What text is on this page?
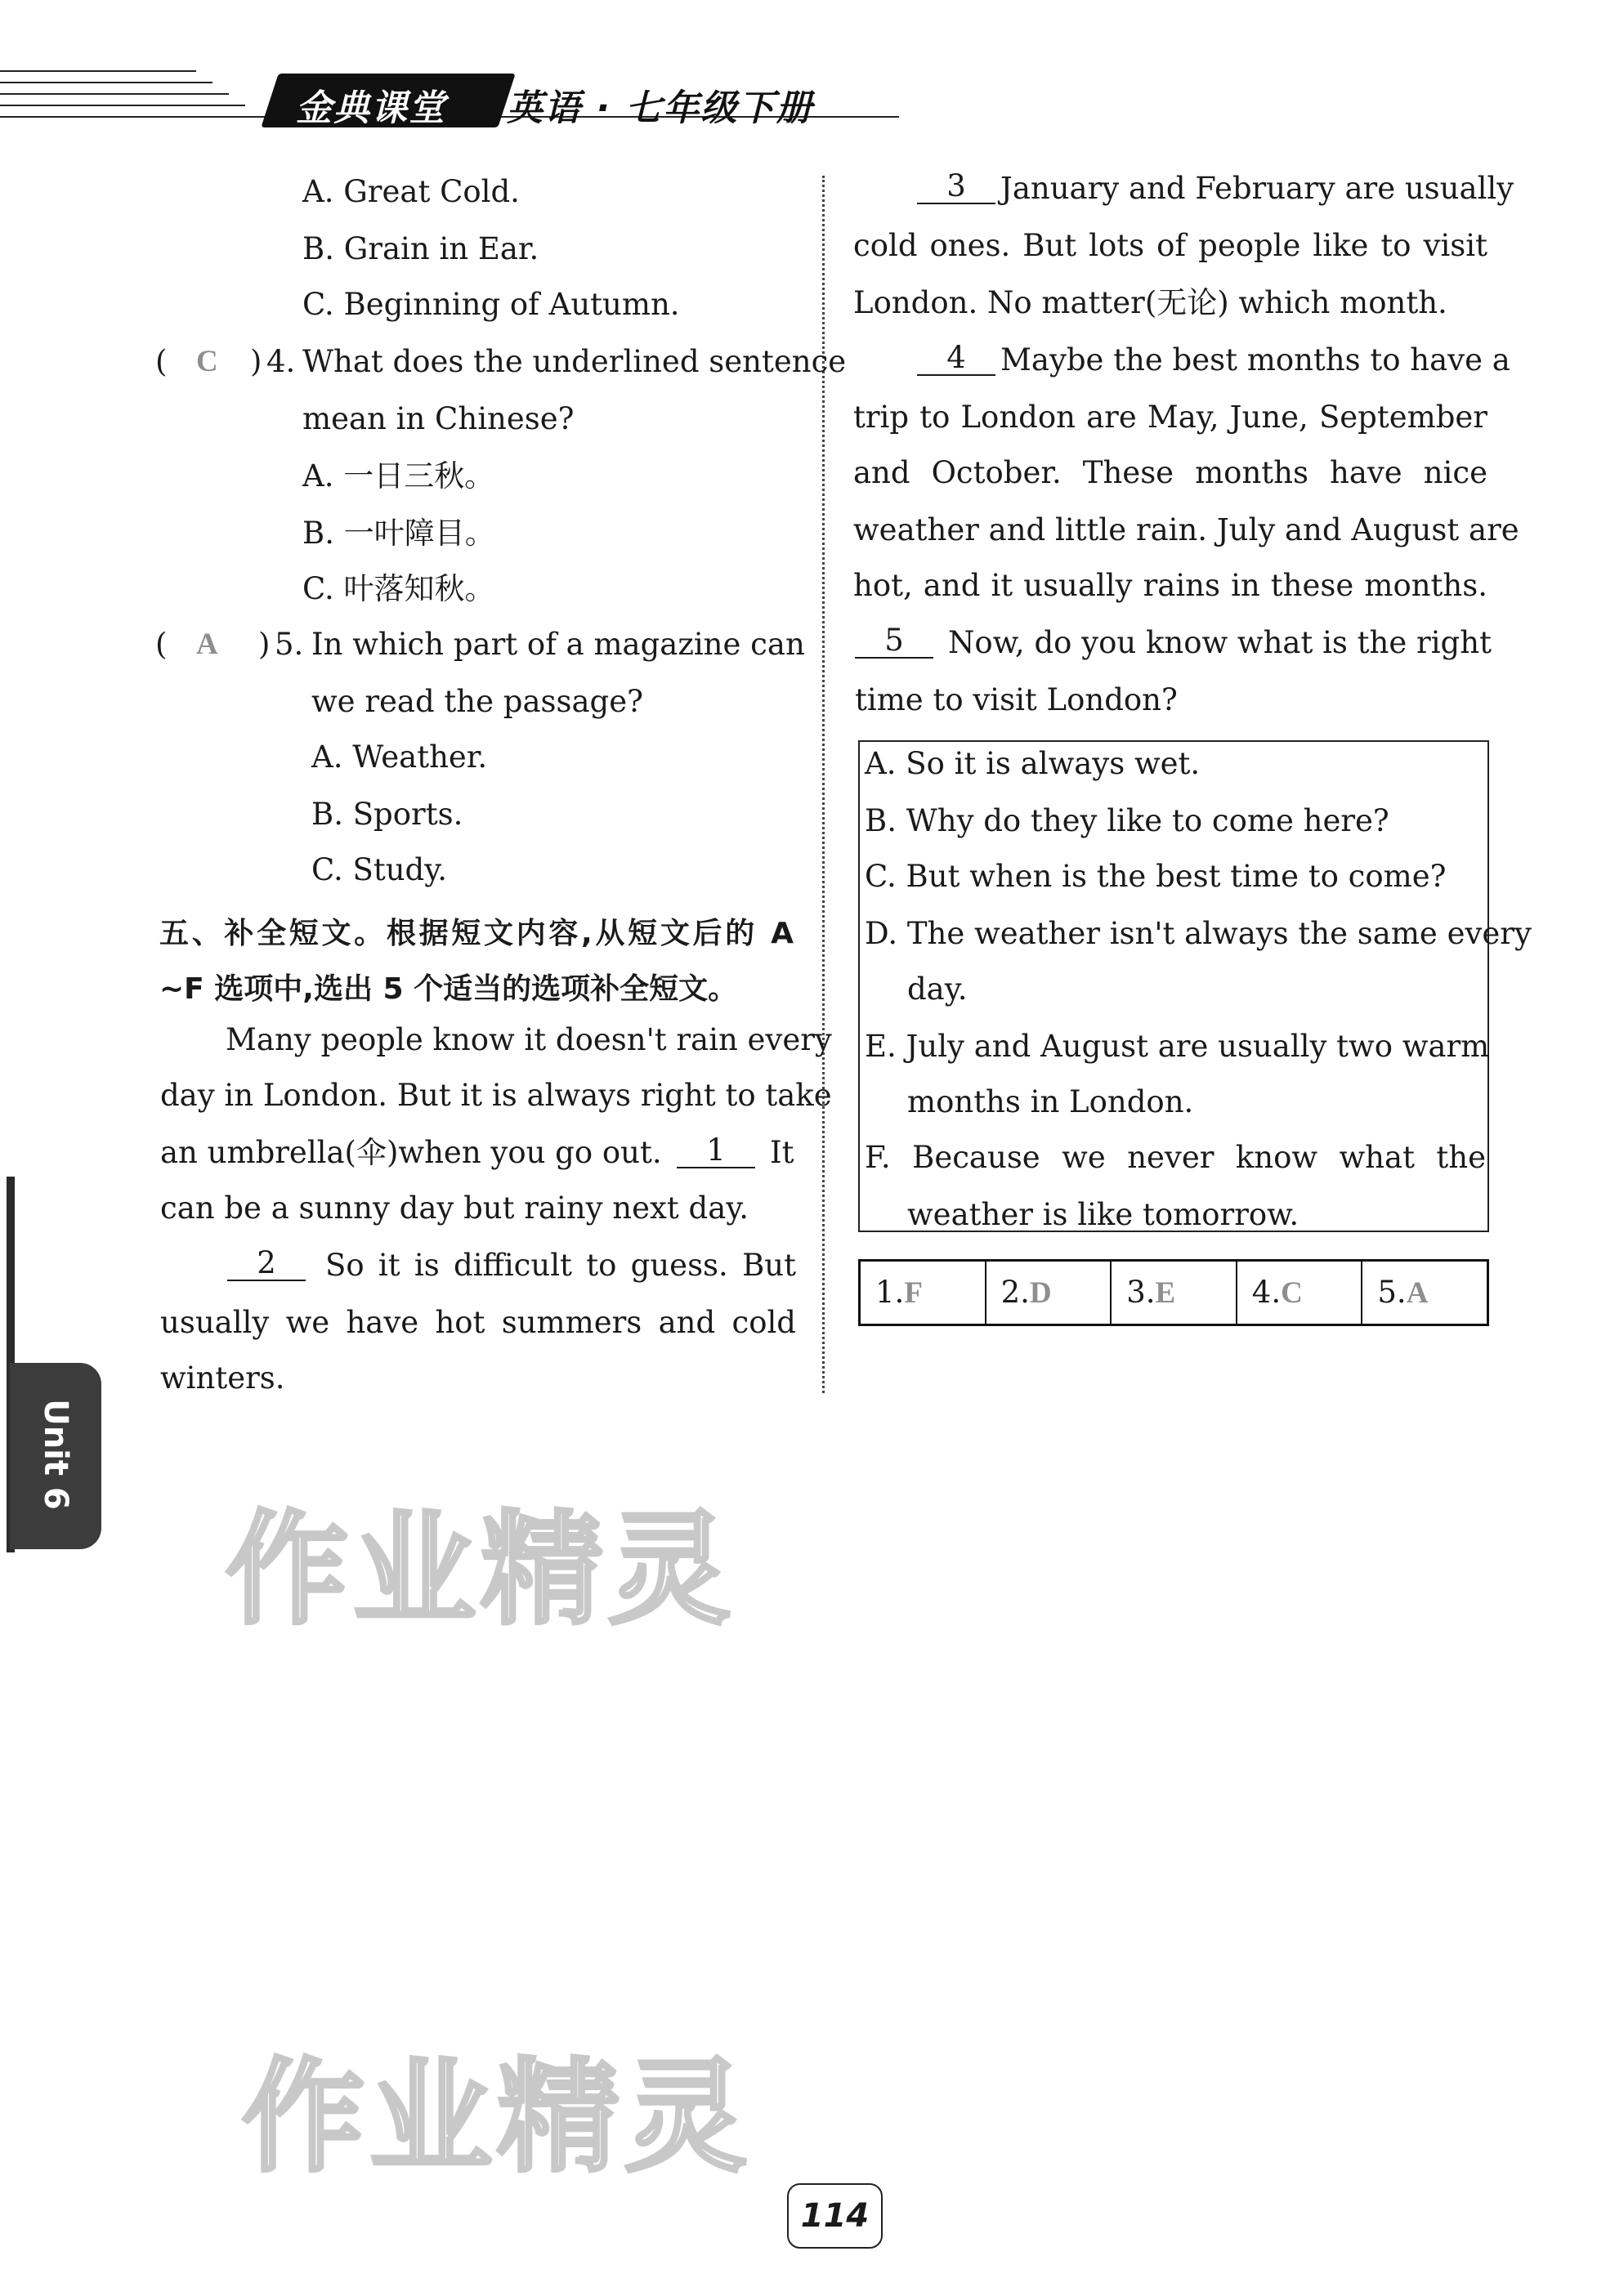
金典课堂 英语 · 七年级下册
A. Great Cold.
B. Grain in Ear.
C. Beginning of Autumn.
( C ) 4. What does the underlined sentence
mean in Chinese?
A. 一日三秋。
B. 一叶障目。
C. 叶落知秋。
( A ) 5. In which part of a magazine can
we read the passage?
A. Weather.
B. Sports.
C. Study.
五、补全短文。根据短文内容,从短文后的 A
~F 选项中,选出 5 个适当的选项补全短文。
Many people know it doesn't rain every
day in London. But it is always right to take
an umbrella(伞)when you go out.	1	It
can be a sunny day but rainy next day.
2	So it is difficult to guess. But
usually we have hot summers and cold
winters.
3	January and February are usually
cold ones. But lots of people like to visit
London. No matter(无论) which month.
4	Maybe the best months to have a
trip to London are May, June, September
and October. These months have nice
weather and little rain. July and August are
hot, and it usually rains in these months.
5	Now, do you know what is the right
time to visit London?
A. So it is always wet.
B. Why do they like to come here?
C. But when is the best time to come?
D. The weather isn't always the same every
day.
E. July and August are usually two warm
months in London.
F. Because we never know what the
weather is like tomorrow.
1.F	2.D	3.E	4.C	5.A
Unit 6
作业精灵
作业精灵
114
